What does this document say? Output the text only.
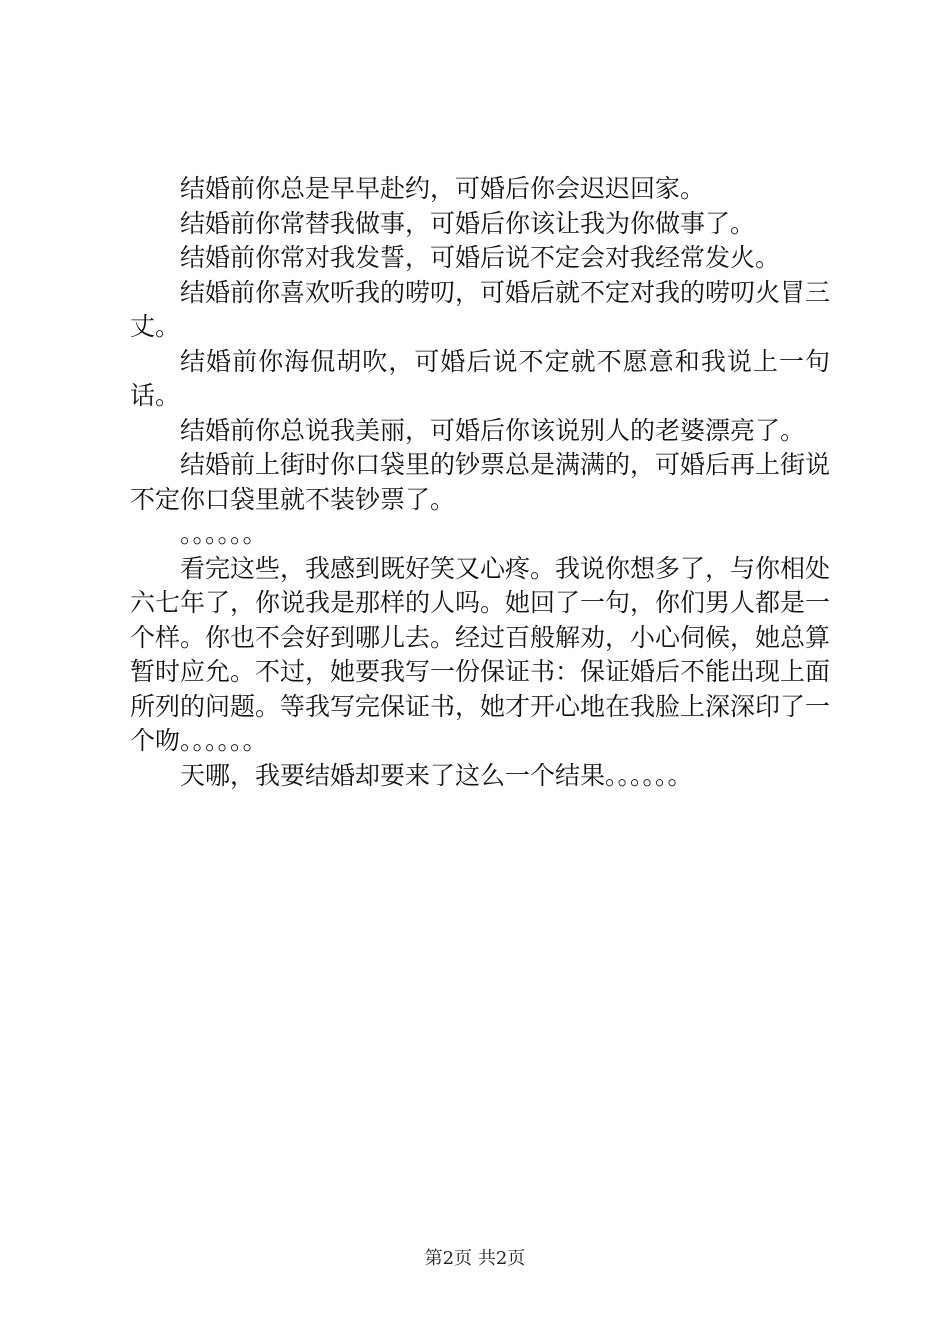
结婚前你总是早早赴约，可婚后你会迟迟回家。

结婚前你常替我做事，可婚后你该让我为你做事了。

结婚前你常对我发誓，可婚后说不定会对我经常发火。

结婚前你喜欢听我的唠叨，可婚后就不定对我的唠叨火冒三丈。

结婚前你海侃胡吹，可婚后说不定就不愿意和我说上一句话。

结婚前你总说我美丽，可婚后你该说别人的老婆漂亮了。

结婚前上街时你口袋里的钞票总是满满的，可婚后再上街说不定你口袋里就不装钞票了。

。。。。。。

看完这些，我感到既好笑又心疼。我说你想多了，与你相处六七年了，你说我是那样的人吗。她回了一句，你们男人都是一个样。你也不会好到哪儿去。经过百般解劝，小心伺候，她总算暂时应允。不过，她要我写一份保证书：保证婚后不能出现上面所列的问题。等我写完保证书，她才开心地在我脸上深深印了一个吻。。。。。。

天哪，我要结婚却要来了这么一个结果。。。。。。

第2页 共2页
